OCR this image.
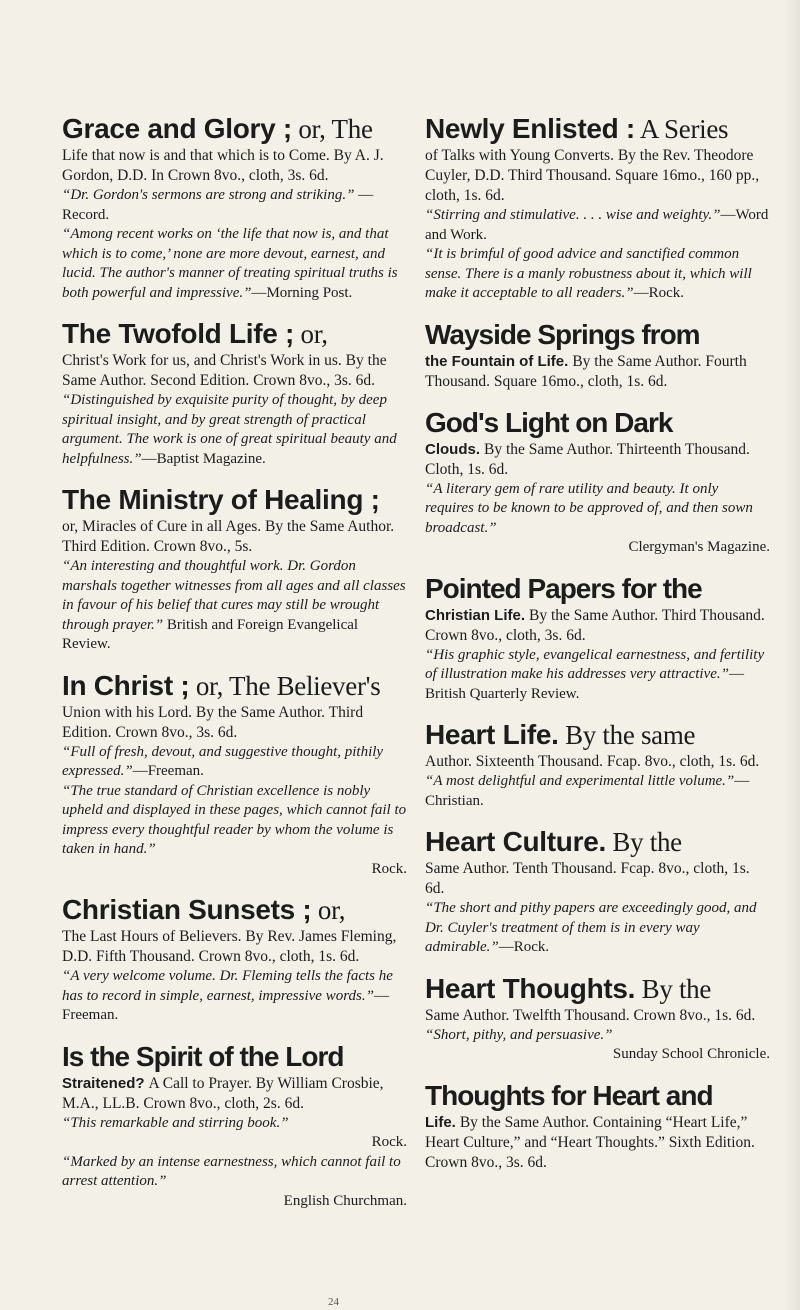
Grace and Glory ; or, The

Life that now is and that which is to Come. By A. J. Gordon, D.D. In Crown 8vo., cloth, 3s. 6d.

“Dr. Gordon's sermons are strong and striking.” — Record.

“Among recent works on ‘the life that now is, and that which is to come,’ none are more devout, earnest, and lucid. The author's manner of treating spiritual truths is both powerful and impressive.”—Morning Post.

The Twofold Life ; or,

Christ's Work for us, and Christ's Work in us. By the Same Author. Second Edition. Crown 8vo., 3s. 6d.

“Distinguished by exquisite purity of thought, by deep spiritual insight, and by great strength of practical argument. The work is one of great spiritual beauty and helpfulness.”—Baptist Magazine.

The Ministry of Healing ;

or, Miracles of Cure in all Ages. By the Same Author. Third Edition. Crown 8vo., 5s.

“An interesting and thoughtful work. Dr. Gordon marshals together witnesses from all ages and all classes in favour of his belief that cures may still be wrought through prayer.” British and Foreign Evangelical Review.

In Christ ; or, The Believer's

Union with his Lord. By the Same Author. Third Edition. Crown 8vo., 3s. 6d.

“Full of fresh, devout, and suggestive thought, pithily expressed.”—Freeman.

“The true standard of Christian excellence is nobly upheld and displayed in these pages, which cannot fail to impress every thoughtful reader by whom the volume is taken in hand.”
Rock.

Christian Sunsets ; or,

The Last Hours of Believers. By Rev. James Fleming, D.D. Fifth Thousand. Crown 8vo., cloth, 1s. 6d.

“A very welcome volume. Dr. Fleming tells the facts he has to record in simple, earnest, impressive words.”—Freeman.

Is the Spirit of the Lord

Straitened? A Call to Prayer. By William Crosbie, M.A., LL.B. Crown 8vo., cloth, 2s. 6d.

“This remarkable and stirring book.”
Rock.

“Marked by an intense earnestness, which cannot fail to arrest attention.”
English Churchman.

Newly Enlisted : A Series

of Talks with Young Converts. By the Rev. Theodore Cuyler, D.D. Third Thousand. Square 16mo., 160 pp., cloth, 1s. 6d.

“Stirring and stimulative. . . . wise and weighty.”—Word and Work.

“It is brimful of good advice and sanctified common sense. There is a manly robustness about it, which will make it acceptable to all readers.”—Rock.

Wayside Springs from

the Fountain of Life. By the Same Author. Fourth Thousand. Square 16mo., cloth, 1s. 6d.

God's Light on Dark

Clouds. By the Same Author. Thirteenth Thousand. Cloth, 1s. 6d.

“A literary gem of rare utility and beauty. It only requires to be known to be approved of, and then sown broadcast.”
Clergyman's Magazine.

Pointed Papers for the

Christian Life. By the Same Author. Third Thousand. Crown 8vo., cloth, 3s. 6d.

“His graphic style, evangelical earnestness, and fertility of illustration make his addresses very attractive.”—British Quarterly Review.

Heart Life. By the same

Author. Sixteenth Thousand. Fcap. 8vo., cloth, 1s. 6d.

“A most delightful and experimental little volume.”—Christian.

Heart Culture. By the

Same Author. Tenth Thousand. Fcap. 8vo., cloth, 1s. 6d.

“The short and pithy papers are exceedingly good, and Dr. Cuyler's treatment of them is in every way admirable.”—Rock.

Heart Thoughts. By the

Same Author. Twelfth Thousand. Crown 8vo., 1s. 6d.

“Short, pithy, and persuasive.”
Sunday School Chronicle.

Thoughts for Heart and

Life. By the Same Author. Containing “Heart Life,” Heart Culture,” and “Heart Thoughts.” Sixth Edition. Crown 8vo., 3s. 6d.

24
